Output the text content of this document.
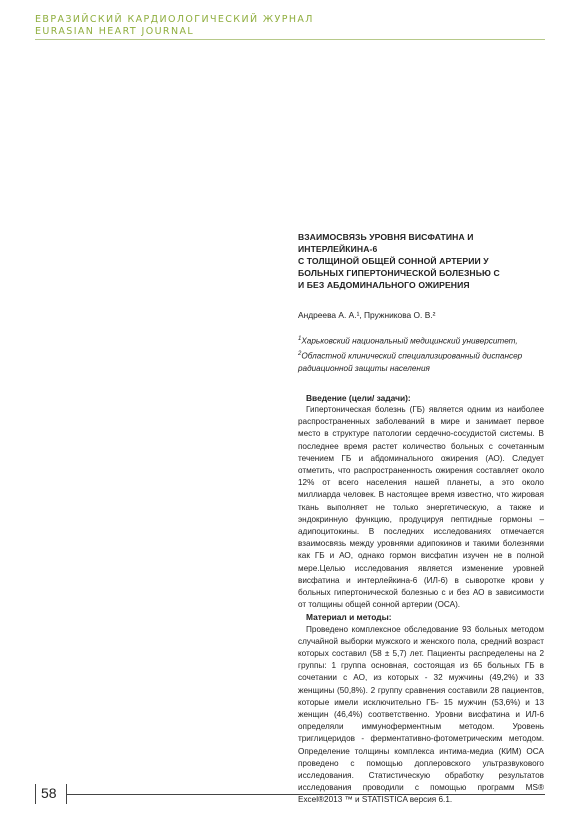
ЕВРАЗИЙСКИЙ КАРДИОЛОГИЧЕСКИЙ ЖУРНАЛ
EURASIAN HEART JOURNAL
ВЗАИМОСВЯЗЬ УРОВНЯ ВИСФАТИНА И ИНТЕРЛЕЙКИНА-6
С ТОЛЩИНОЙ ОБЩЕЙ СОННОЙ АРТЕРИИ У
БОЛЬНЫХ ГИПЕРТОНИЧЕСКОЙ БОЛЕЗНЬЮ С
И БЕЗ АБДОМИНАЛЬНОГО ОЖИРЕНИЯ
Андреева А. А.¹, Пружникова О. В.²
$^1$Харьковский национальный медицинский университет, $^2$Областной клинический специализированный диспансер радиационной защиты населения
Введение (цели/ задачи):
Гипертоническая болезнь (ГБ) является одним из наиболее распространенных заболеваний в мире и занимает первое место в структуре патологии сердечно-сосудистой системы. В последнее время растет количество больных с сочетанным течением ГБ и абдоминального ожирения (АО). Следует отметить, что распространенность ожирения составляет около 12% от всего населения нашей планеты, а это около миллиарда человек. В настоящее время известно, что жировая ткань выполняет не только энергетическую, а также и эндокринную функцию, продуцируя пептидные гормоны – адипоцитокины. В последних исследованиях отмечается взаимосвязь между уровнями адипокинов и такими болезнями как ГБ и АО, однако гормон висфатин изучен не в полной мере.Целью исследования является изменение уровней висфатина и интерлейкина-6 (ИЛ-6) в сыворотке крови у больных гипертонической болезнью с и без АО в зависимости от толщины общей сонной артерии (ОСА).
Материал и методы:
Проведено комплексное обследование 93 больных методом случайной выборки мужского и женского пола, средний возраст которых составил (58 ± 5,7) лет. Пациенты распределены на 2 группы: 1 группа основная, состоящая из 65 больных ГБ в сочетании с АО, из которых - 32 мужчины (49,2%) и 33 женщины (50,8%). 2 группу сравнения составили 28 пациентов, которые имели исключительно ГБ- 15 мужчин (53,6%) и 13 женщин (46,4%) соответственно. Уровни висфатина и ИЛ-6 определяли иммуноферментным методом. Уровень триглицеридов - ферментативно-фотометрическим методом. Определение толщины комплекса интима-медиа (КИМ) ОСА проведено с помощью доплеровского ультразвукового исследования. Статистическую обработку результатов исследования проводили с помощью программ MS® Excel®2013 ™ и STATISTICA версия 6.1.
58
